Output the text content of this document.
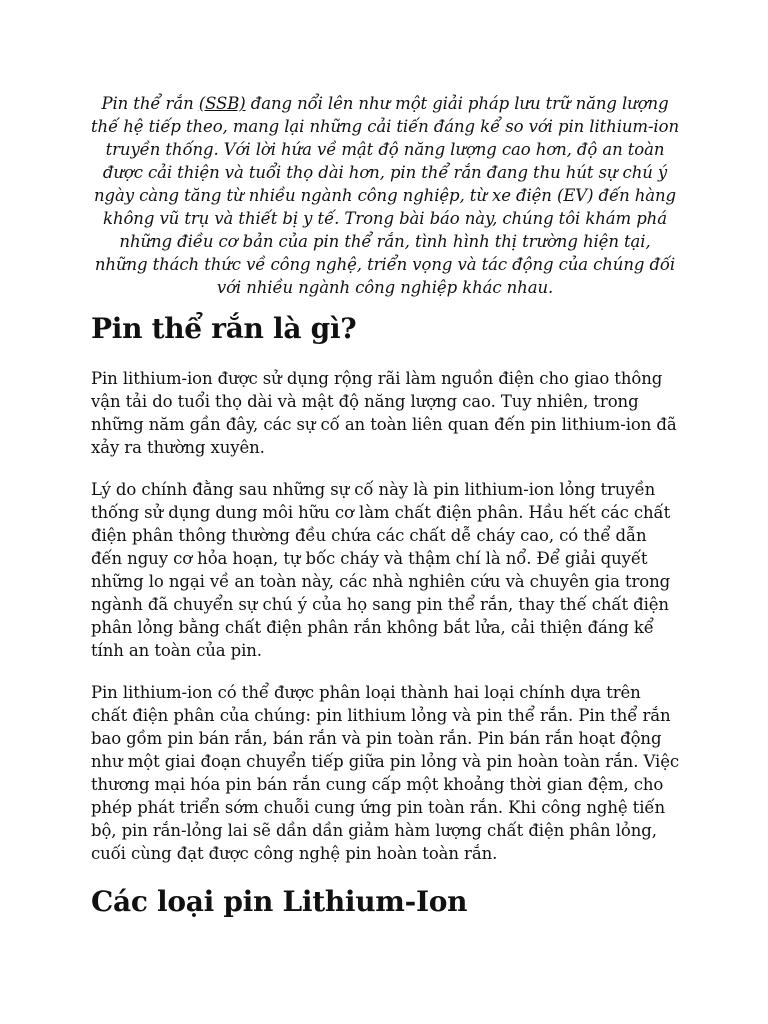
Pin thể rắn (SSB) đang nổi lên như một giải pháp lưu trữ năng lượng thế hệ tiếp theo, mang lại những cải tiến đáng kể so với pin lithium-ion truyền thống. Với lời hứa về mật độ năng lượng cao hơn, độ an toàn được cải thiện và tuổi thọ dài hơn, pin thể rắn đang thu hút sự chú ý ngày càng tăng từ nhiều ngành công nghiệp, từ xe điện (EV) đến hàng không vũ trụ và thiết bị y tế. Trong bài báo này, chúng tôi khám phá những điều cơ bản của pin thể rắn, tình hình thị trường hiện tại, những thách thức về công nghệ, triển vọng và tác động của chúng đối với nhiều ngành công nghiệp khác nhau.

Pin thể rắn là gì?

Pin lithium-ion được sử dụng rộng rãi làm nguồn điện cho giao thông vận tải do tuổi thọ dài và mật độ năng lượng cao. Tuy nhiên, trong những năm gần đây, các sự cố an toàn liên quan đến pin lithium-ion đã xảy ra thường xuyên.

Lý do chính đằng sau những sự cố này là pin lithium-ion lỏng truyền thống sử dụng dung môi hữu cơ làm chất điện phân. Hầu hết các chất điện phân thông thường đều chứa các chất dễ cháy cao, có thể dẫn đến nguy cơ hỏa hoạn, tự bốc cháy và thậm chí là nổ. Để giải quyết những lo ngại về an toàn này, các nhà nghiên cứu và chuyên gia trong ngành đã chuyển sự chú ý của họ sang pin thể rắn, thay thế chất điện phân lỏng bằng chất điện phân rắn không bắt lửa, cải thiện đáng kể tính an toàn của pin.

Pin lithium-ion có thể được phân loại thành hai loại chính dựa trên chất điện phân của chúng: pin lithium lỏng và pin thể rắn. Pin thể rắn bao gồm pin bán rắn, bán rắn và pin toàn rắn. Pin bán rắn hoạt động như một giai đoạn chuyển tiếp giữa pin lỏng và pin hoàn toàn rắn. Việc thương mại hóa pin bán rắn cung cấp một khoảng thời gian đệm, cho phép phát triển sớm chuỗi cung ứng pin toàn rắn. Khi công nghệ tiến bộ, pin rắn-lỏng lai sẽ dần dần giảm hàm lượng chất điện phân lỏng, cuối cùng đạt được công nghệ pin hoàn toàn rắn.

Các loại pin Lithium-Ion
